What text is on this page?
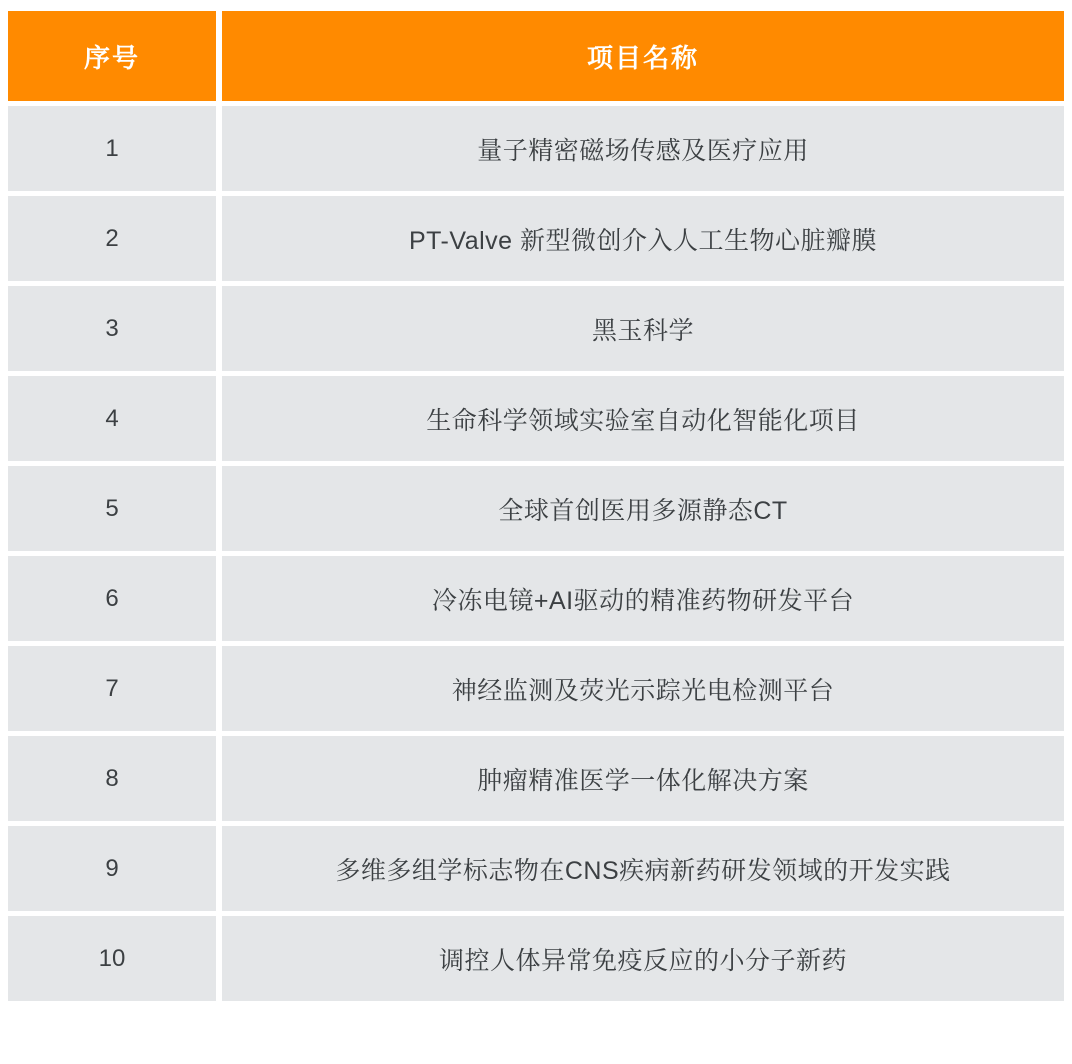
序号	项目名称
1	量子精密磁场传感及医疗应用
2	PT-Valve 新型微创介入人工生物心脏瓣膜
3	黑玉科学
4	生命科学领域实验室自动化智能化项目
5	全球首创医用多源静态CT
6	冷冻电镜+AI驱动的精准药物研发平台
7	神经监测及荧光示踪光电检测平台
8	肿瘤精准医学一体化解决方案
9	多维多组学标志物在CNS疾病新药研发领域的开发实践
10	调控人体异常免疫反应的小分子新药
